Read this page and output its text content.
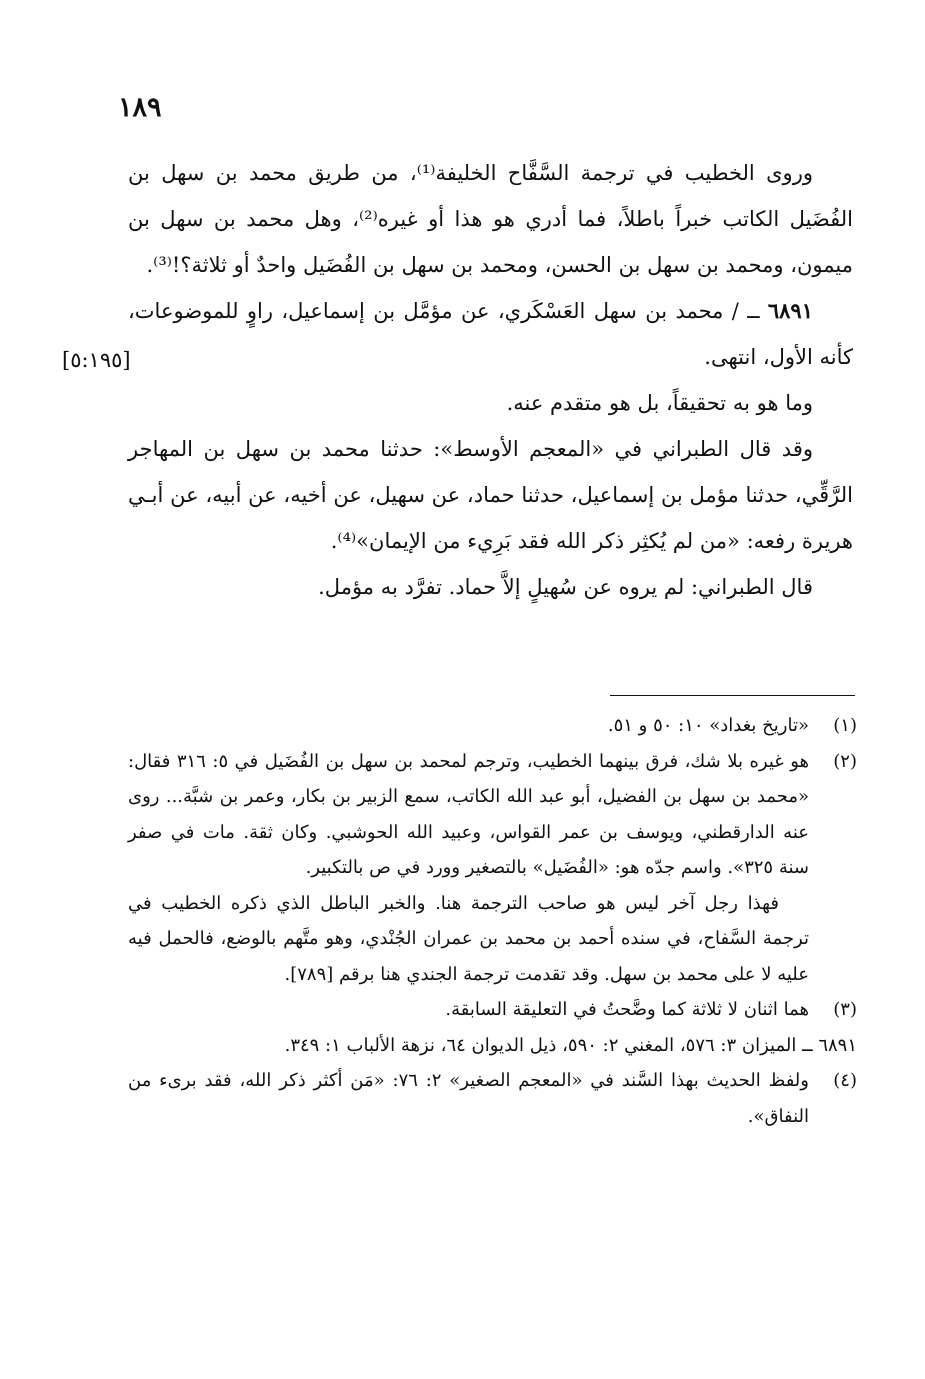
١٨٩

وروى الخطيب في ترجمة السَّفَّاح الخليفة⁽¹⁾، من طريق محمد بن سهل بن الفُضَيل الكاتب خبراً باطلاً، فما أدري هو هذا أو غيره⁽²⁾، وهل محمد بن سهل بن ميمون، ومحمد بن سهل بن الحسن، ومحمد بن سهل بن الفُضَيل واحدٌ أو ثلاثة؟!⁽³⁾.

٦٨٩١ ــ / محمد بن سهل العَسْكَري، عن مؤمَّل بن إسماعيل، راوٍ للموضوعات، كأنه الأول، انتهى.

وما هو به تحقيقاً، بل هو متقدم عنه.

وقد قال الطبراني في «المعجم الأوسط»: حدثنا محمد بن سهل بن المهاجر الرَّقِّي، حدثنا مؤمل بن إسماعيل، حدثنا حماد، عن سهيل، عن أخيه، عن أبيه، عن أبـي هريرة رفعه: «من لم يُكثِر ذكر الله فقد بَرِيء من الإيمان»⁽⁴⁾.

قال الطبراني: لم يروه عن سُهيلٍ إلاَّ حماد. تفرَّد به مؤمل.

[٥:١٩٥]
(١)
«تاريخ بغداد» ١٠: ٥٠ و ٥١.
(٢)
هو غيره بلا شك، فرق بينهما الخطيب، وترجم لمحمد بن سهل بن الفُضَيل في ٥: ٣١٦ فقال: «محمد بن سهل بن الفضيل، أبو عبد الله الكاتب، سمع الزبير بن بكار، وعمر بن شبَّة... روى عنه الدارقطني، ويوسف بن عمر القواس، وعبيد الله الحوشبي. وكان ثقة. مات في صفر سنة ٣٢٥». واسم جدّه هو: «الفُضَيل» بالتصغير وورد في ص بالتكبير.

فهذا رجل آخر ليس هو صاحب الترجمة هنا. والخبر الباطل الذي ذكره الخطيب في ترجمة السَّفاح، في سنده أحمد بن محمد بن عمران الجُنْدي، وهو متَّهم بالوضع، فالحمل فيه عليه لا على محمد بن سهل. وقد تقدمت ترجمة الجندي هنا برقم [٧٨٩].

(٣)
هما اثنان لا ثلاثة كما وضَّحتُ في التعليقة السابقة.

٦٨٩١ ــ الميزان ٣: ٥٧٦، المغني ٢: ٥٩٠، ذيل الديوان ٦٤، نزهة الألباب ١: ٣٤٩.

(٤)
ولفظ الحديث بهذا السَّند في «المعجم الصغير» ٢: ٧٦: «مَن أكثر ذكر الله، فقد برىء من النفاق».
